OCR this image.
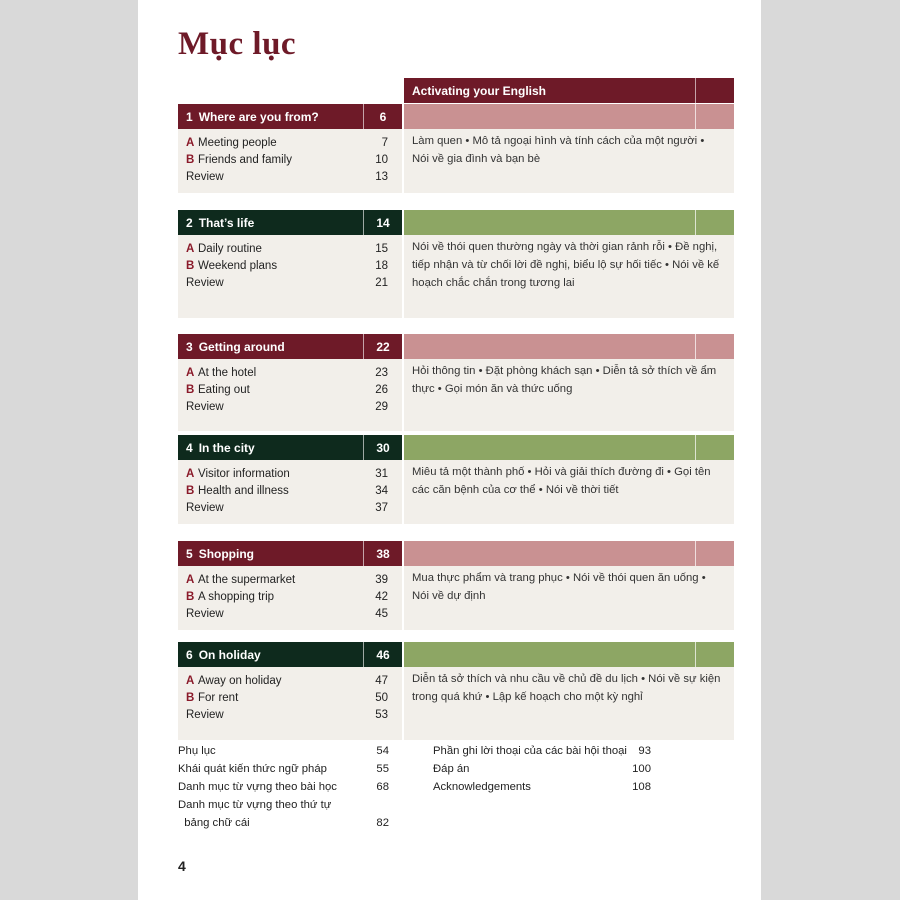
Mục lục
Activating your English
1  Where are you from?	6
A Meeting people	7
B Friends and family	10
Review	13
Làm quen • Mô tả ngoại hình và tính cách của một người • Nói về gia đình và bạn bè
2  That’s life	14
A Daily routine	15
B Weekend plans	18
Review	21
Nói về thói quen thường ngày và thời gian rảnh rỗi • Đề nghị, tiếp nhận và từ chối lời đề nghị, biểu lộ sự hối tiếc • Nói về kế hoạch chắc chắn trong tương lai
3  Getting around	22
A At the hotel	23
B Eating out	26
Review	29
Hỏi thông tin • Đặt phòng khách sạn • Diễn tả sở thích về ẩm thực • Gọi món ăn và thức uống
4  In the city	30
A Visitor information	31
B Health and illness	34
Review	37
Miêu tả một thành phố • Hỏi và giải thích đường đi • Gọi tên các căn bệnh của cơ thể • Nói về thời tiết
5  Shopping	38
A At the supermarket	39
B A shopping trip	42
Review	45
Mua thực phẩm và trang phục • Nói về thói quen ăn uống • Nói về dự định
6  On holiday	46
A Away on holiday	47
B For rent	50
Review	53
Diễn tả sở thích và nhu cầu về chủ đề du lịch • Nói về sự kiện trong quá khứ • Lập kế hoạch cho một kỳ nghỉ
Phụ lục	54
Khái quát kiến thức ngữ pháp	55
Danh mục từ vựng theo bài học	68
Danh mục từ vựng theo thứ tự
bảng chữ cái	82
Phần ghi lời thoại của các bài hội thoại 93
Đáp án	100
Acknowledgements	108
4
